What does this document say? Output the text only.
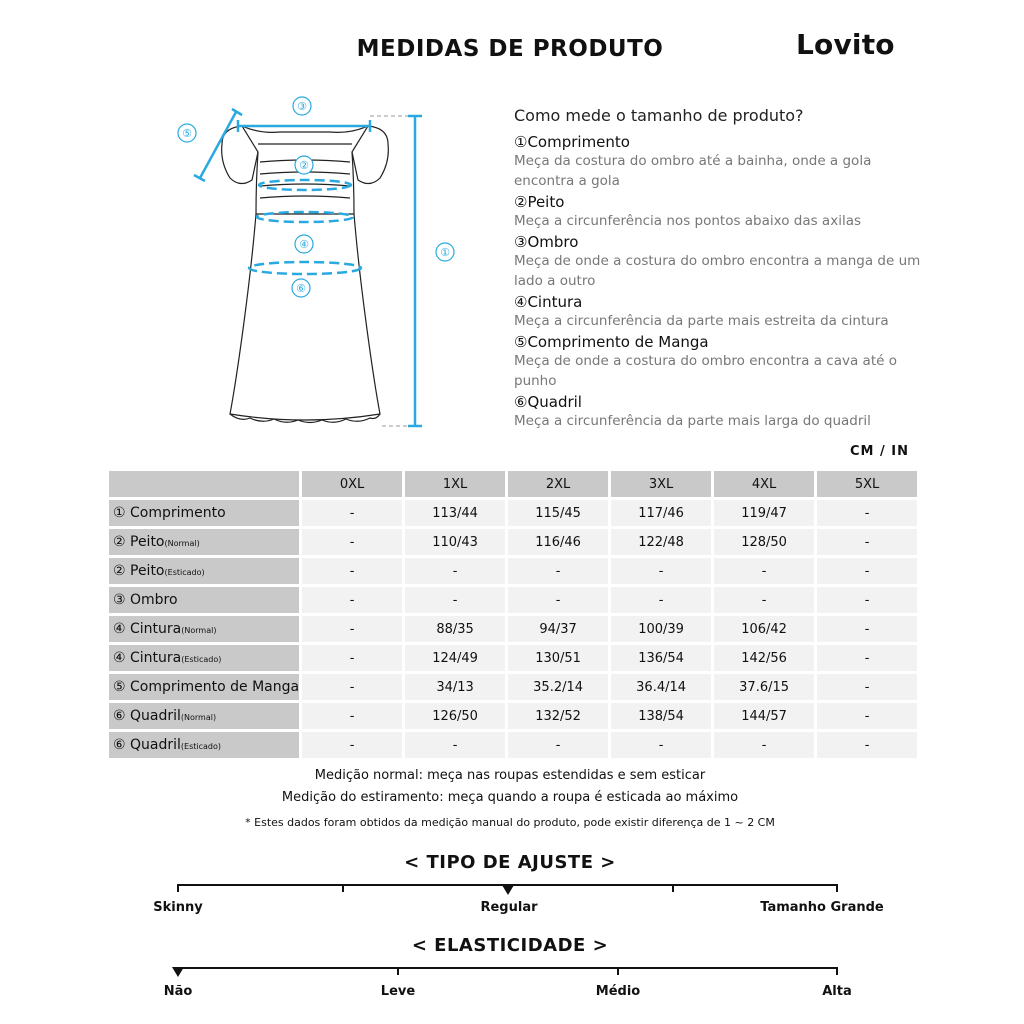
MEDIDAS DE PRODUTO	Lovito
③
⑤
②
④
①
⑥
Como mede o tamanho de produto?
①Comprimento
Meça da costura do ombro até a bainha, onde a gola encontra a gola
②Peito
Meça a circunferência nos pontos abaixo das axilas
③Ombro
Meça de onde a costura do ombro encontra a manga de um lado a outro
④Cintura
Meça a circunferência da parte mais estreita da cintura
⑤Comprimento de Manga
Meça de onde a costura do ombro encontra a cava até o punho
⑥Quadril
Meça a circunferência da parte mais larga do quadril
CM / IN
	0XL	1XL	2XL	3XL	4XL	5XL
① Comprimento	-	113/44	115/45	117/46	119/47	-
② Peito(Normal)	-	110/43	116/46	122/48	128/50	-
② Peito(Esticado)	-	-	-	-	-	-
③ Ombro	-	-	-	-	-	-
④ Cintura(Normal)	-	88/35	94/37	100/39	106/42	-
④ Cintura(Esticado)	-	124/49	130/51	136/54	142/56	-
⑤ Comprimento de Manga	-	34/13	35.2/14	36.4/14	37.6/15	-
⑥ Quadril(Normal)	-	126/50	132/52	138/54	144/57	-
⑥ Quadril(Esticado)	-	-	-	-	-	-
Medição normal: meça nas roupas estendidas e sem esticar
Medição do estiramento: meça quando a roupa é esticada ao máximo
* Estes dados foram obtidos da medição manual do produto, pode existir diferença de 1 ~ 2 CM
< TIPO DE AJUSTE >
Skinny	Regular	Tamanho Grande
< ELASTICIDADE >
Não	Leve	Médio	Alta
